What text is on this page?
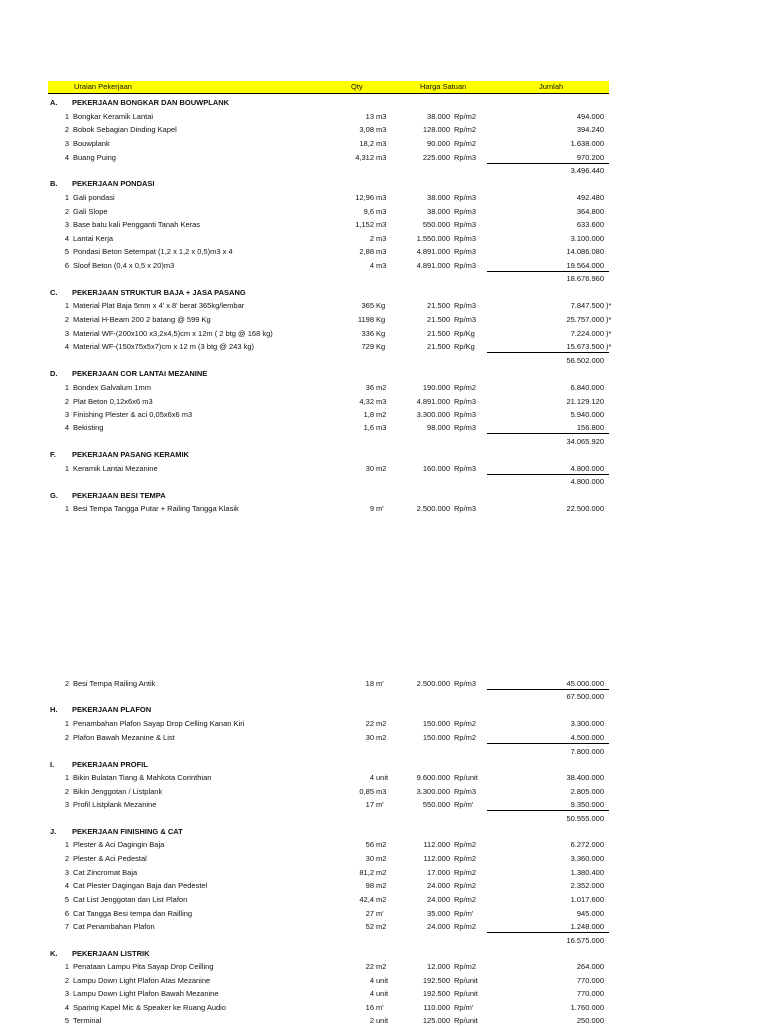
Uraian Pekerjaan	Qty	Harga Satuan	Jumlah
A. PEKERJAAN BONGKAR DAN BOUWPLANK
1 Bongkar Keramik Lantai	13 m3	38.000 Rp/m2	494.000
2 Bobok Sebagian Dinding Kapel	3,08 m3	128.000 Rp/m2	394.240
3 Bouwplank	18,2 m3	90.000 Rp/m2	1.638.000
4 Buang Puing	4,312 m3	225.000 Rp/m3	970.200
3.496.440
B. PEKERJAAN PONDASI
1 Gali pondasi	12,96 m3	38.000 Rp/m3	492.480
2 Gali Slope	9,6 m3	38.000 Rp/m3	364.800
3 Base batu kali Pengganti Tanah Keras	1,152 m3	550.000 Rp/m3	633.600
4 Lantai Kerja	2 m3	1.550.000 Rp/m3	3.100.000
5 Pondasi Beton Setempat (1,2 x 1,2 x 0,5)m3 x 4	2,88 m3	4.891.000 Rp/m3	14.086.080
6 Sloof Beton (0,4 x 0,5 x 20)m3	4 m3	4.891.000 Rp/m3	19.564.000
18.676.960
C. PEKERJAAN STRUKTUR BAJA + JASA PASANG
1 Material Plat Baja 5mm x 4' x 8' berat 365kg/lembar	365 Kg	21.500 Rp/m3	7.847.500 )*
2 Material H-Beam 200 2 batang @ 599 Kg	1198 Kg	21.500 Rp/m3	25.757.000 )*
3 Material WF-(200x100 x3,2x4,5)cm x 12m ( 2 btg @ 168 kg)	336 Kg	21.500 Rp/Kg	7.224.000 )*
4 Material WF-(150x75x5x7)cm x 12 m (3 btg @ 243 kg)	729 Kg	21.500 Rp/Kg	15.673.500 )*
56.502.000
D. PEKERJAAN COR LANTAI MEZANINE
1 Bondex Galvalum 1mm	36 m2	190.000 Rp/m2	6.840.000
2 Plat Beton 0,12x6x6 m3	4,32 m3	4.891.000 Rp/m3	21.129.120
3 Finishing Plester & aci 0,05x6x6 m3	1,8 m2	3.300.000 Rp/m3	5.940.000
4 Bekisting	1,6 m3	98.000 Rp/m3	156.800
34.065.920
F. PEKERJAAN PASANG KERAMIK
1 Keramik Lantai Mezanine	30 m2	160.000 Rp/m3	4.800.000
4.800.000
G. PEKERJAAN BESI TEMPA
1 Besi Tempa Tangga Putar + Railing Tangga Klasik	9 m'	2.500.000 Rp/m3	22.500.000
2 Besi Tempa Railing Antik	18 m'	2.500.000 Rp/m3	45.000.000
67.500.000
H. PEKERJAAN PLAFON
1 Penambahan Plafon Sayap Drop Celling Kanan Kiri	22 m2	150.000 Rp/m2	3.300.000
2 Plafon Bawah Mezanine & List	30 m2	150.000 Rp/m2	4.500.000
7.800.000
I. PEKERJAAN PROFIL
1 Bikin Bulatan Tiang & Mahkota Corinthian	4 unit	9.600.000 Rp/unit	38.400.000
2 Bikin Jenggotan / Listplank	0,85 m3	3.300.000 Rp/m3	2.805.000
3 Profil Listplank Mezanine	17 m'	550.000 Rp/m'	9.350.000
50.555.000
J. PEKERJAAN FINISHING & CAT
1 Plester & Aci Dagingin Baja	56 m2	112.000 Rp/m2	6.272.000
2 Plester & Aci Pedestal	30 m2	112.000 Rp/m2	3.360.000
3 Cat Zincromat Baja	81,2 m2	17.000 Rp/m2	1.380.400
4 Cat Plester Dagingan Baja dan Pedestel	98 m2	24.000 Rp/m2	2.352.000
5 Cat List Jenggotan dan List Plafon	42,4 m2	24.000 Rp/m2	1.017.600
6 Cat Tangga Besi tempa dan Railling	27 m'	35.000 Rp/m'	945.000
7 Cat Penambahan Plafon	52 m2	24.000 Rp/m2	1.248.000
16.575.000
K. PEKERJAAN LISTRIK
1 Penataan Lampu Pita Sayap Drop Ceilling	22 m2	12.000 Rp/m2	264.000
2 Lampu Down Light Plafon Atas Mezanine	4 unit	192.500 Rp/unit	770.000
3 Lampu Down Light Plafon Bawah Mezanine	4 unit	192.500 Rp/unit	770.000
4 Sparing Kapel Mic & Speaker ke Ruang Audio	16 m'	110.000 Rp/m'	1.760.000
5 Terminal	2 unit	125.000 Rp/unit	250.000
